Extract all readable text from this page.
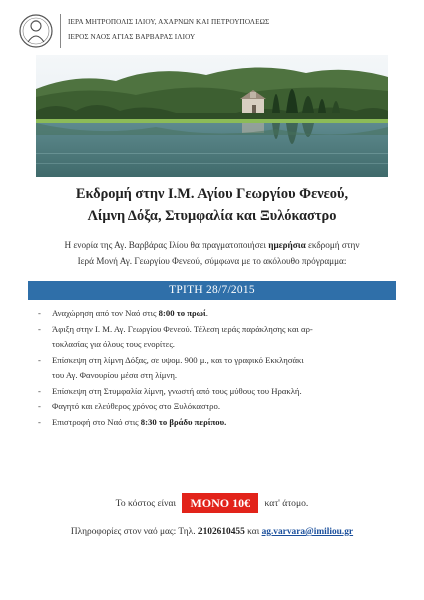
ΙΕΡΑ ΜΗΤΡΟΠΟΛΙΣ ΙΛΙΟΥ, ΑΧΑΡΝΩΝ ΚΑΙ ΠΕΤΡΟΥΠΟΛΕΩΣ
ΙΕΡΟΣ ΝΑΟΣ ΑΓΙΑΣ ΒΑΡΒΑΡΑΣ ΙΛΙΟΥ
Εκδρομή στην Ι.Μ. Αγίου Γεωργίου Φενεού,
Λίμνη Δόξα, Στυμφαλία και Ξυλόκαστρο
Η ενορία της Αγ. Βαρβάρας Ιλίου θα πραγματοποιήσει ημερήσια εκδρομή στην
Ιερά Μονή Αγ. Γεωργίου Φενεού, σύμφωνα με το ακόλουθο πρόγραμμα:
ΤΡΙΤΗ 28/7/2015
-	Αναχώρηση από τον Ναό στις 8:00 το πρωί.
-	Άφιξη στην Ι. Μ. Αγ. Γεωργίου Φενεού. Τέλεση ιεράς παράκλησης και αρ-
τοκλασίας για όλους τους ενορίτες.
-	Επίσκεψη στη λίμνη Δόξας, σε υψομ. 900 μ., και το γραφικό Εκκλησάκι
του Αγ. Φανουρίου μέσα στη λίμνη.
-	Επίσκεψη στη Στυμφαλία λίμνη, γνωστή από τους μύθους του Ηρακλή.
-	Φαγητό και ελεύθερος χρόνος στο Ξυλόκαστρο.
-	Επιστροφή στο Ναό στις 8:30 το βράδυ περίπου.
Το κόστος είναι ΜΟΝΟ 10€ κατ' άτομο.
Πληροφορίες στον ναό μας: Τηλ. 2102610455 και ag.varvara@imiliou.gr
